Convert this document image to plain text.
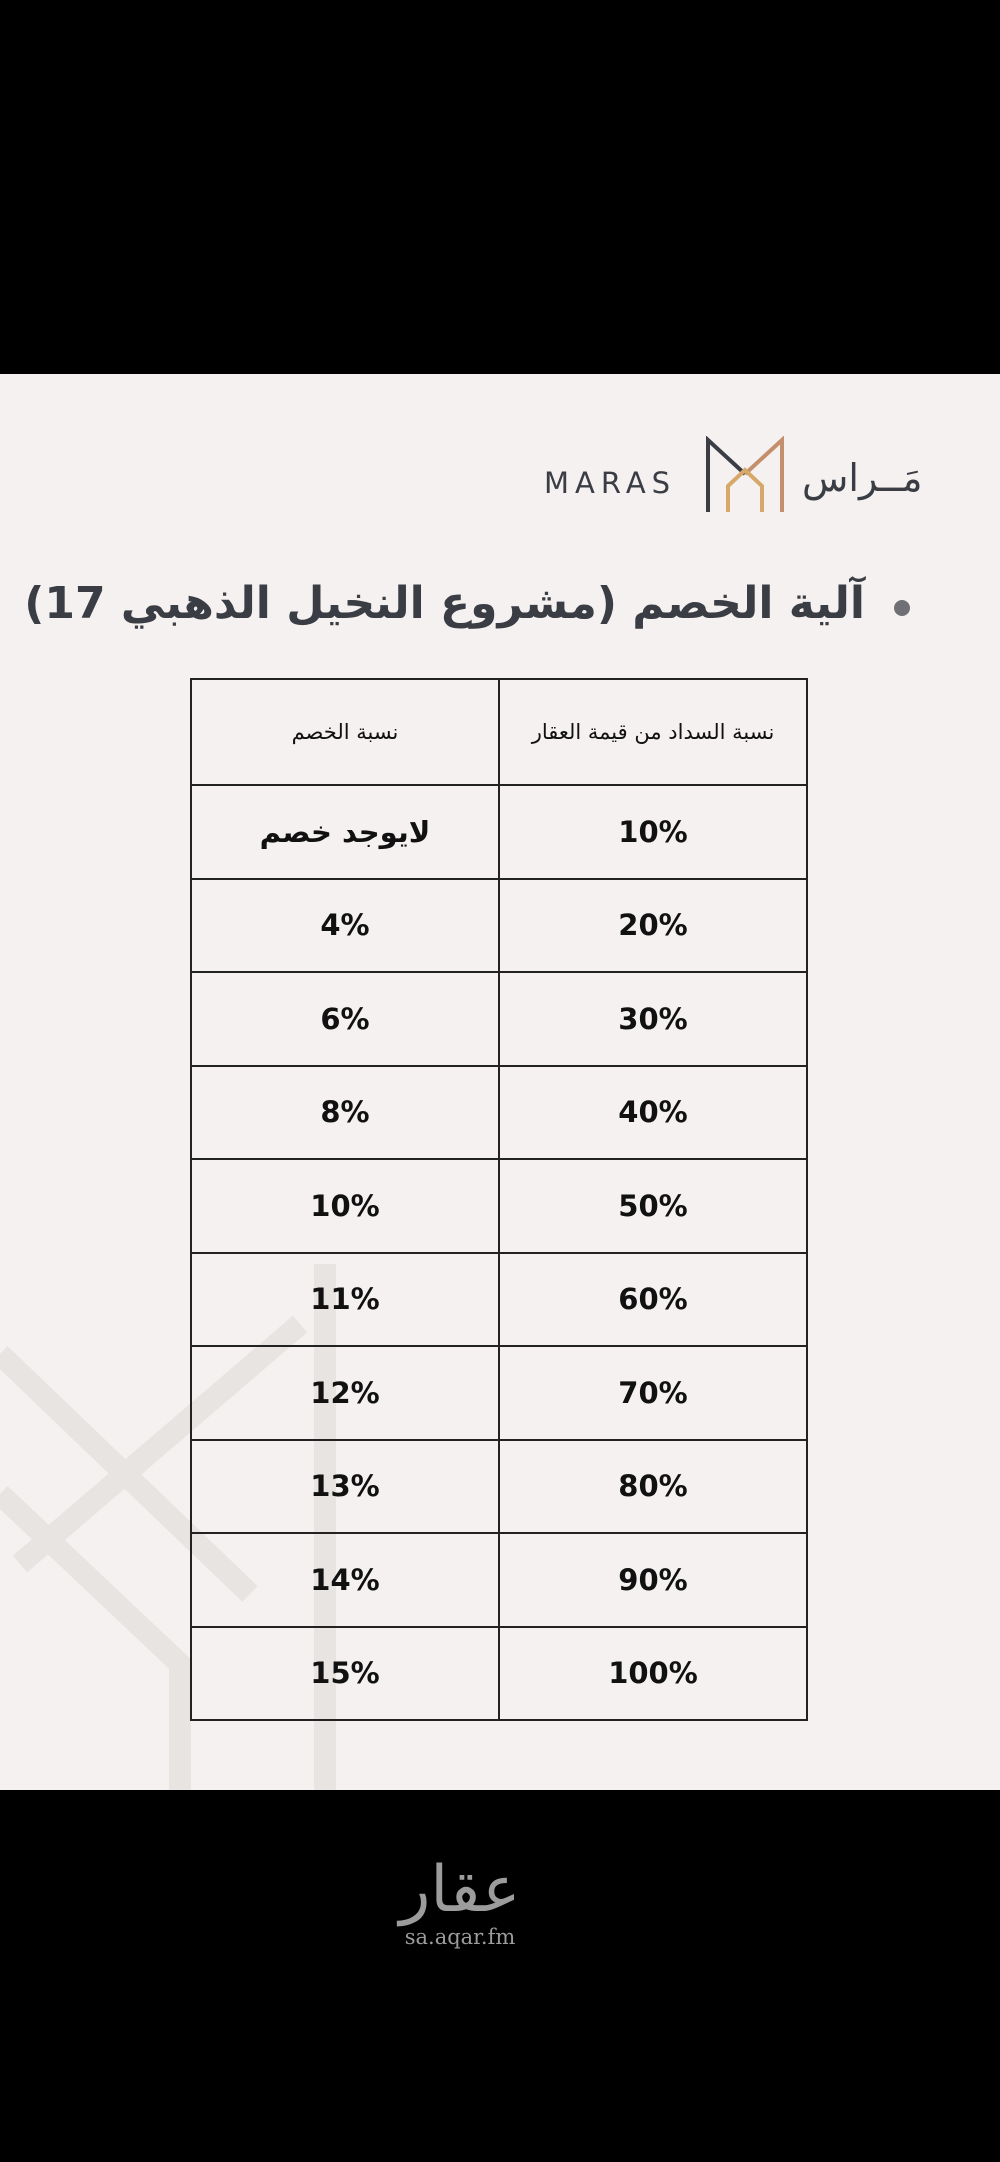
MARAS	مَــراس
آلية الخصم (مشروع النخيل الذهبي 17)
نسبة السداد من قيمة العقار	نسبة الخصم
10%	لايوجد خصم
20%	4%
30%	6%
40%	8%
50%	10%
60%	11%
70%	12%
80%	13%
90%	14%
100%	15%
عقار
sa.aqar.fm
